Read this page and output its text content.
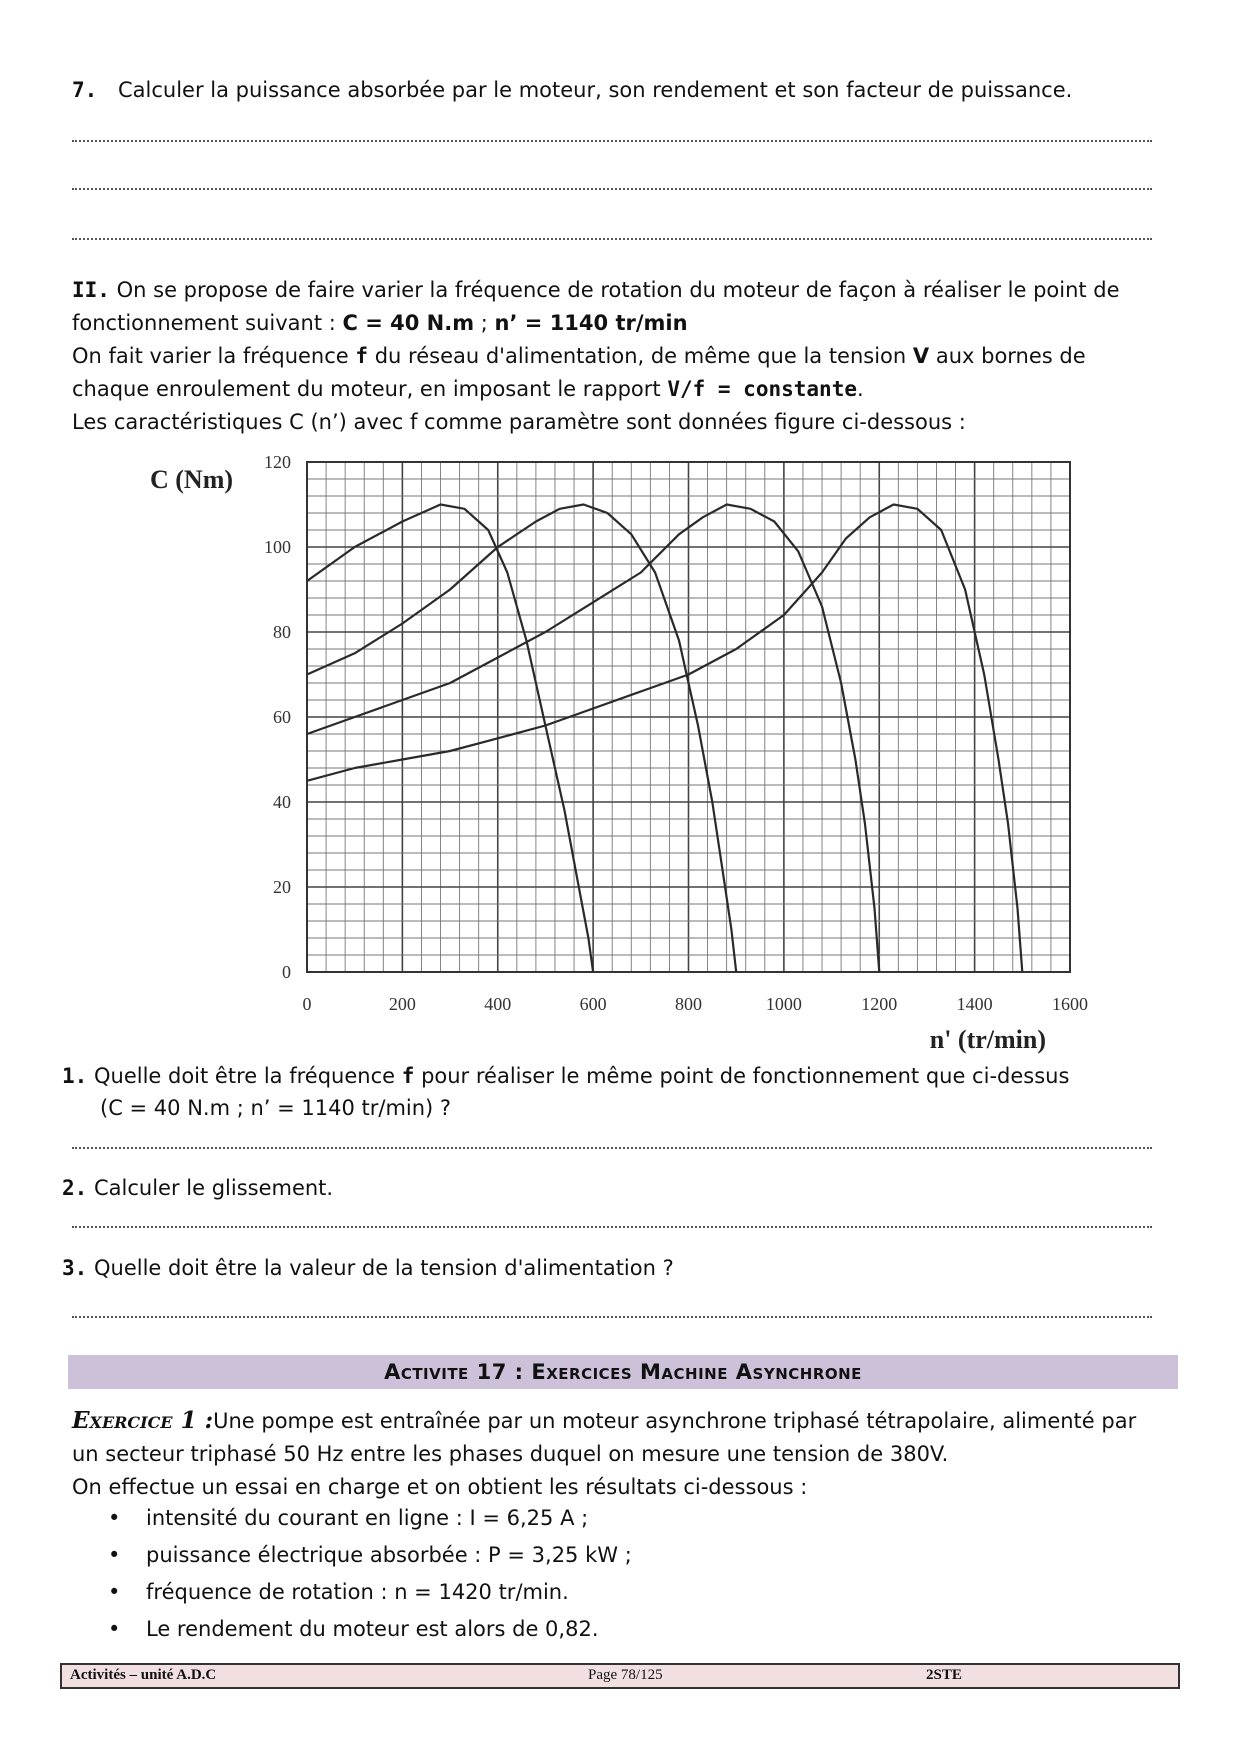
7. Calculer la puissance absorbée par le moteur, son rendement et son facteur de puissance.
II. On se propose de faire varier la fréquence de rotation du moteur de façon à réaliser le point de
fonctionnement suivant : C = 40 N.m ; n’ = 1140 tr/min
On fait varier la fréquence f du réseau d'alimentation, de même que la tension V aux bornes de
chaque enroulement du moteur, en imposant le rapport V/f = constante.
Les caractéristiques C (n’) avec f comme paramètre sont données figure ci-dessous :
0	200	400	600	800	1000	1200	1400	1600
0
20
40
60
80
100
120
C (Nm)
n' (tr/min)
1. Quelle doit être la fréquence f pour réaliser le même point de fonctionnement que ci-dessus
(C = 40 N.m ; n’ = 1140 tr/min) ?
2. Calculer le glissement.
3. Quelle doit être la valeur de la tension d'alimentation ?
Activite 17 : Exercices Machine Asynchrone
Exercice 1 :Une pompe est entraînée par un moteur asynchrone triphasé tétrapolaire, alimenté par
un secteur triphasé 50 Hz entre les phases duquel on mesure une tension de 380V.
On effectue un essai en charge et on obtient les résultats ci-dessous :
• intensité du courant en ligne : I = 6,25 A ;
• puissance électrique absorbée : P = 3,25 kW ;
• fréquence de rotation : n = 1420 tr/min.
• Le rendement du moteur est alors de 0,82.
Activités – unité A.D.C	Page 78/125	2STE
